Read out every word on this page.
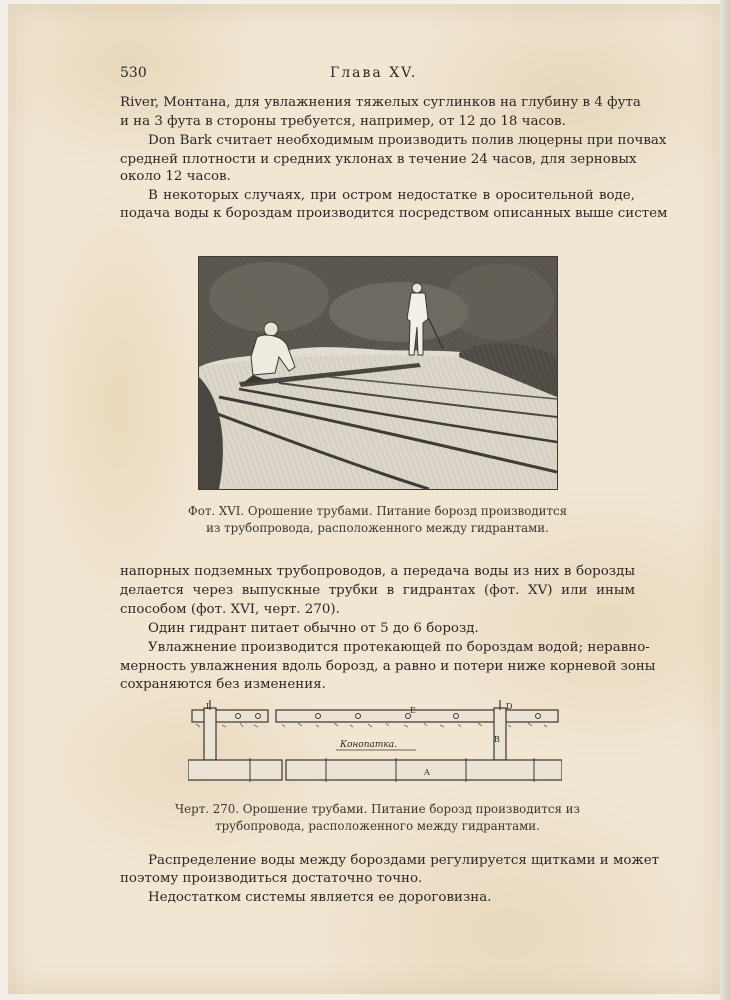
530	Глава XV.
River, Монтана, для увлажнения тяжелых суглинков на глубину в 4 фута
и на 3 фута в стороны требуется, например, от 12 до 18 часов.
Don Bark считает необходимым производить полив люцерны при почвах
средней плотности и средних уклонах в течение 24 часов, для зерновых
около 12 часов.
В некоторых случаях, при остром недостатке в оросительной воде,
подача воды к бороздам производится посредством описанных выше систем
Фот. XVI. Орошение трубами. Питание борозд производится
из трубопровода, расположенного между гидрантами.
напорных подземных трубопроводов, а передача воды из них в борозды
делается через выпускные трубки в гидрантах (фот. XV) или иным
способом (фот. XVI, черт. 270).
Один гидрант питает обычно от 5 до 6 борозд.
Увлажнение производится протекающей по бороздам водой; неравно-
мерность увлажнения вдоль борозд, а равно и потери ниже корневой зоны
сохраняются без изменения.
I	E	D
B
A
Конопатка.
Черт. 270. Орошение трубами. Питание борозд производится из
трубопровода, расположенного между гидрантами.
Распределение воды между бороздами регулируется щитками и может
поэтому производиться достаточно точно.
Недостатком системы является ее дороговизна.
